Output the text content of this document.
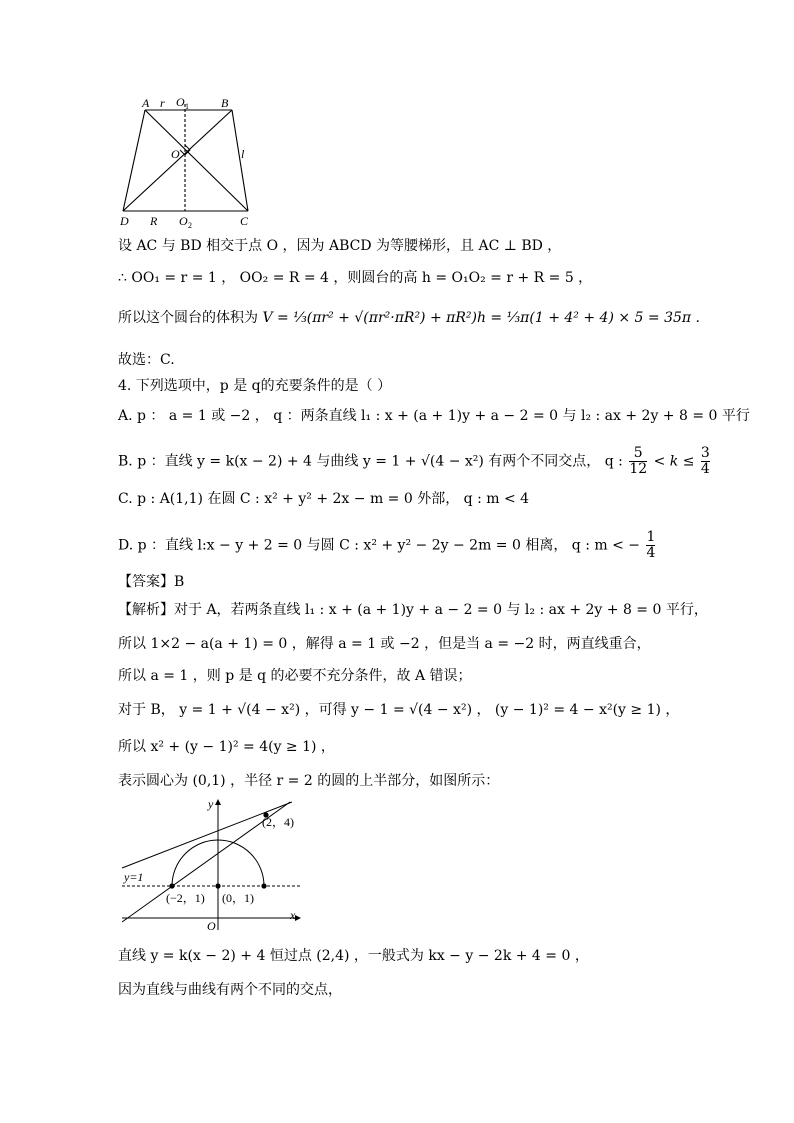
A r O 1	B
O	l
D R O 2	C
设 AC 与 BD 相交于点 O ，因为 ABCD 为等腰梯形，且 AC ⊥ BD ，
∴ OO₁ = r = 1 ， OO₂ = R = 4 ，则圆台的高 h = O₁O₂ = r + R = 5 ，
所以这个圆台的体积为 V = ⅓(πr² + √(πr²·πR²) + πR²)h = ⅓π(1 + 4² + 4) × 5 = 35π .
故选：C.
4. 下列选项中，p 是 q的充要条件的是（ ）
A. p ： a = 1 或 −2 ， q ：两条直线 l₁ : x + (a + 1)y + a − 2 = 0 与 l₂ : ax + 2y + 8 = 0 平行
B. p ：直线 y = k(x − 2) + 4 与曲线 y = 1 + √(4 − x²) 有两个不同交点， q : $\frac{5}{12} < k \le \frac{3}{4}$
C. p : A(1,1) 在圆 C : x² + y² + 2x − m = 0 外部， q : m < 4
D. p ：直线 l:x − y + 2 = 0 与圆 C : x² + y² − 2y − 2m = 0 相离， q : m < − $\frac{1}{4}$
【答案】B
【解析】对于 A，若两条直线 l₁ : x + (a + 1)y + a − 2 = 0 与 l₂ : ax + 2y + 8 = 0 平行，
所以 1×2 − a(a + 1) = 0 ，解得 a = 1 或 −2 ，但是当 a = −2 时，两直线重合，
所以 a = 1 ，则 p 是 q 的必要不充分条件，故 A 错误；
对于 B， y = 1 + √(4 − x²) ，可得 y − 1 = √(4 − x²) ， (y − 1)² = 4 − x²(y ≥ 1) ，
所以 x² + (y − 1)² = 4(y ≥ 1) ，
表示圆心为 (0,1) ，半径 r = 2 的圆的上半部分，如图所示：
y
x
O
y=1
(2，4)
(−2，1) (0，1)
直线 y = k(x − 2) + 4 恒过点 (2,4) ，一般式为 kx − y − 2k + 4 = 0 ，
因为直线与曲线有两个不同的交点，
